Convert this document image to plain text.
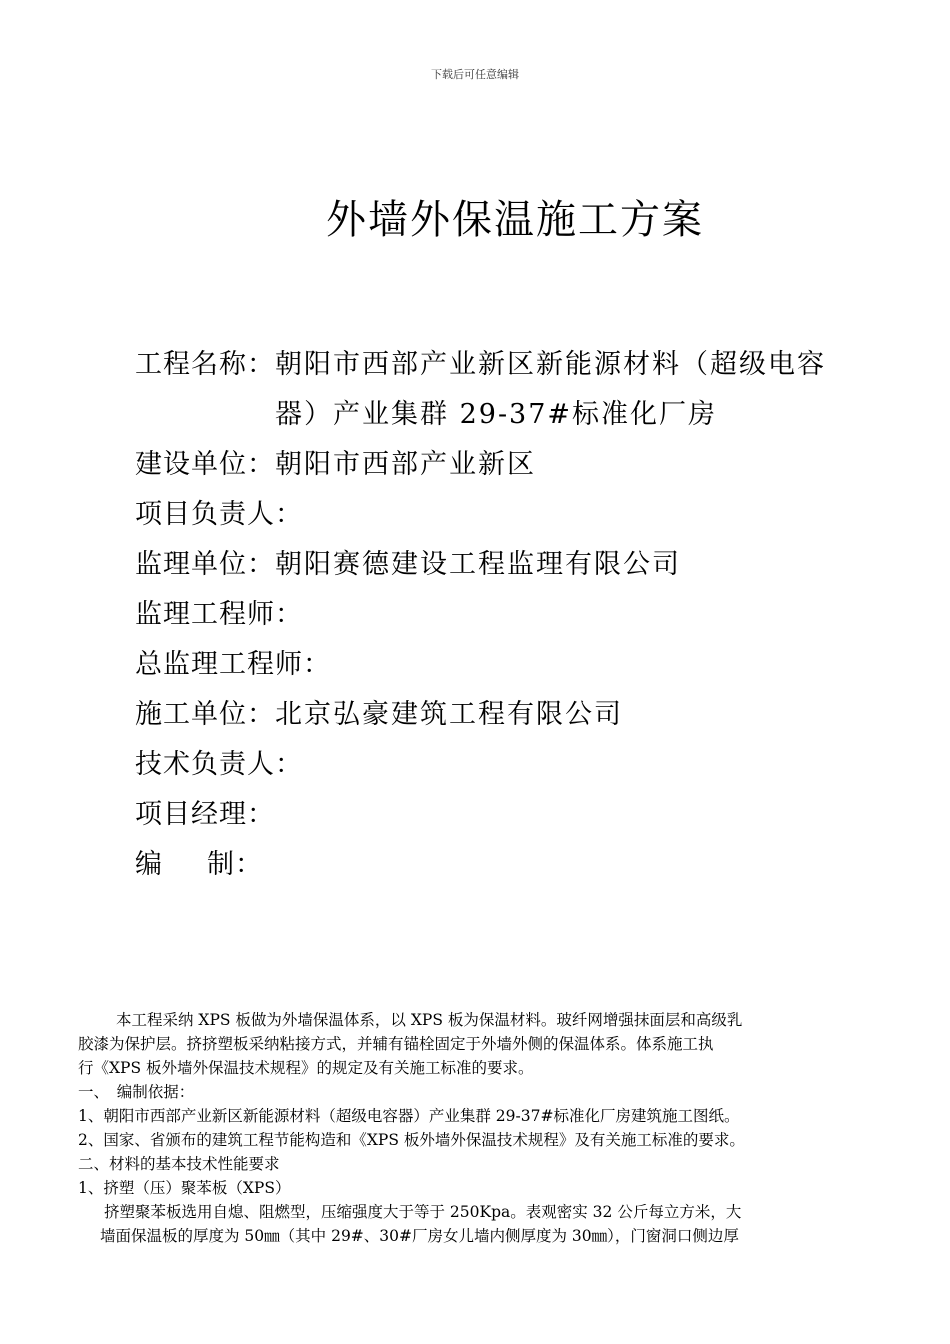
下载后可任意编辑
外墙外保温施工方案
工程名称： 朝阳市西部产业新区新能源材料（超级电容
器）产业集群 29-37#标准化厂房
建设单位： 朝阳市西部产业新区
项目负责人：
监理单位： 朝阳赛德建设工程监理有限公司
监理工程师：
总监理工程师：
施工单位： 北京弘豪建筑工程有限公司
技术负责人：
项目经理：
编 制：

本工程采纳 XPS 板做为外墙保温体系，以 XPS 板为保温材料。玻纤网增强抹面层和高级乳

胶漆为保护层。挤挤塑板采纳粘接方式，并辅有锚栓固定于外墙外侧的保温体系。体系施工执

行《XPS 板外墙外保温技术规程》的规定及有关施工标准的要求。

一、　编制依据：

1、朝阳市西部产业新区新能源材料（超级电容器）产业集群 29-37#标准化厂房建筑施工图纸。

2、国家、省颁布的建筑工程节能构造和《XPS 板外墙外保温技术规程》及有关施工标准的要求。

二、材料的基本技术性能要求

1、挤塑（压）聚苯板（XPS）

挤塑聚苯板选用自熄、阻燃型，压缩强度大于等于 250Kpa。表观密实 32 公斤每立方米，大

墙面保温板的厚度为 50㎜（其中 29#、30#厂房女儿墙内侧厚度为 30㎜），门窗洞口侧边厚
